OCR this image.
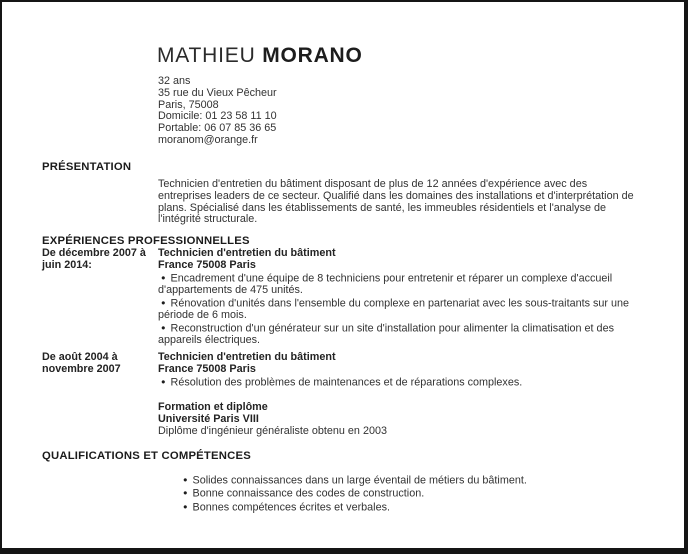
MATHIEU MORANO
32 ans
35 rue du Vieux Pêcheur
Paris, 75008
Domicile: 01 23 58 11 10
Portable: 06 07 85 36 65
moranom@orange.fr
PRÉSENTATION
Technicien d'entretien du bâtiment disposant de plus de 12 années d'expérience avec des entreprises leaders de ce secteur. Qualifié dans les domaines des installations et d'interprétation de plans. Spécialisé dans les établissements de santé, les immeubles résidentiels et l'analyse de l'intégrité structurale.
EXPÉRIENCES PROFESSIONNELLES
De décembre 2007 à juin 2014:
Technicien d'entretien du bâtiment
France 75008 Paris
● Encadrement d'une équipe de 8 techniciens pour entretenir et réparer un complexe d'accueil d'appartements de 475 unités.
● Rénovation d'unités dans l'ensemble du complexe en partenariat avec les sous-traitants sur une période de 6 mois.
● Reconstruction d'un générateur sur un site d'installation pour alimenter la climatisation et des appareils électriques.
De août 2004 à novembre 2007
Technicien d'entretien du bâtiment
France 75008 Paris
● Résolution des problèmes de maintenances et de réparations complexes.
Formation et diplôme
Université Paris VIII
Diplôme d'ingénieur généraliste obtenu en 2003
QUALIFICATIONS ET COMPÉTENCES
● Solides connaissances dans un large éventail de métiers du bâtiment.
● Bonne connaissance des codes de construction.
● Bonnes compétences écrites et verbales.
